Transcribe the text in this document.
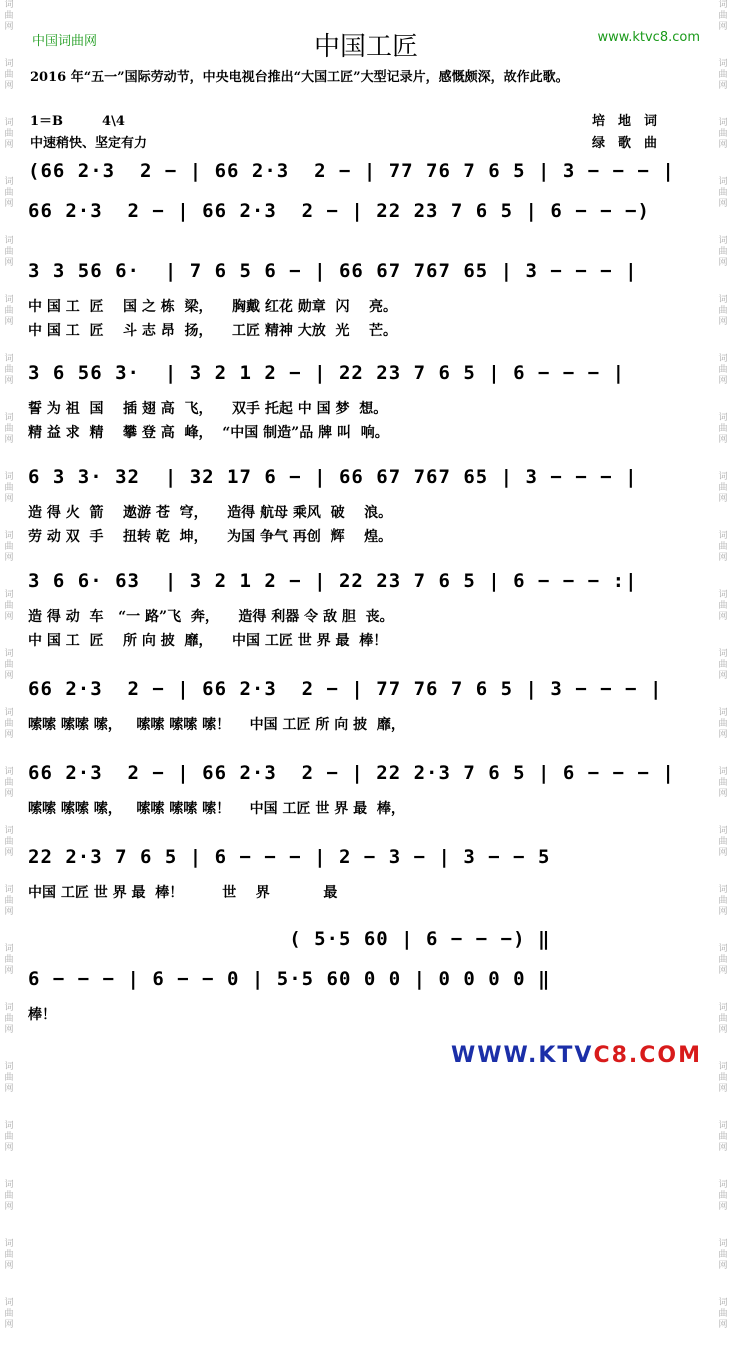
词曲网
词曲网
词曲网
词曲网
词曲网
词曲网
词曲网
词曲网
词曲网
词曲网
词曲网
词曲网
词曲网
词曲网
词曲网
词曲网
词曲网
词曲网
词曲网
词曲网
词曲网
词曲网
词曲网
词曲网
词曲网
词曲网
词曲网
词曲网
词曲网
词曲网
词曲网
词曲网
词曲网
词曲网
词曲网
词曲网
词曲网
词曲网
词曲网
词曲网
词曲网
词曲网
词曲网
词曲网
词曲网
词曲网
中国词曲网	www.ktvc8.com
中国工匠
2016 年“五一”国际劳动节，中央电视台推出“大国工匠”大型记录片，感慨颇深，故作此歌。
1＝B　　　4\4
中速稍快、坚定有力
培　地　词
绿　歌　曲
(66 2·3  2 − | 66 2·3  2 − | 77 76 7 6 5 | 3 − − − |
66 2·3  2 − | 66 2·3  2 − | 22 23 7 6 5 | 6 − − −)
3 3 56 6·  | 7 6 5 6 − | 66 67 767 65 | 3 − − − |
中 国 工  匠    国 之 栋  梁，    胸戴 红花 勋章  闪    亮。
中 国 工  匠    斗 志 昂  扬，    工匠 精神 大放  光    芒。
3 6 56 3·  | 3 2 1 2 − | 22 23 7 6 5 | 6 − − − |
誓 为 祖  国    插 翅 高  飞，    双手 托起 中 国 梦  想。
精 益 求  精    攀 登 高  峰，  “中国 制造”品 牌 叫  响。
6 3 3· 32  | 32 17 6 − | 66 67 767 65 | 3 − − − |
造 得 火  箭    遨游 苍  穹，    造得 航母 乘风  破    浪。
劳 动 双  手    扭转 乾  坤，    为国 争气 再创  辉    煌。
3 6 6· 63  | 3 2 1 2 − | 22 23 7 6 5 | 6 − − − :|
造 得 动  车   “一 路”飞  奔，    造得 利器 令 敌 胆  丧。
中 国 工  匠    所 向 披  靡，    中国 工匠 世 界 最  棒！
66 2·3  2 − | 66 2·3  2 − | 77 76 7 6 5 | 3 − − − |
嗦嗦 嗦嗦 嗦，   嗦嗦 嗦嗦 嗦！    中国 工匠 所 向 披  靡，
66 2·3  2 − | 66 2·3  2 − | 22 2·3 7 6 5 | 6 − − − |
嗦嗦 嗦嗦 嗦，   嗦嗦 嗦嗦 嗦！    中国 工匠 世 界 最  棒，
22 2·3 7 6 5 | 6 − − − | 2 − 3 − | 3 − − 5
中国 工匠 世 界 最  棒！        世    界           最
( 5·5 60 | 6 − − −) ‖
6 − − − | 6 − − 0 | 5·5 60 0 0 | 0 0 0 0 ‖
棒！
WWW.KTVC8.COM
